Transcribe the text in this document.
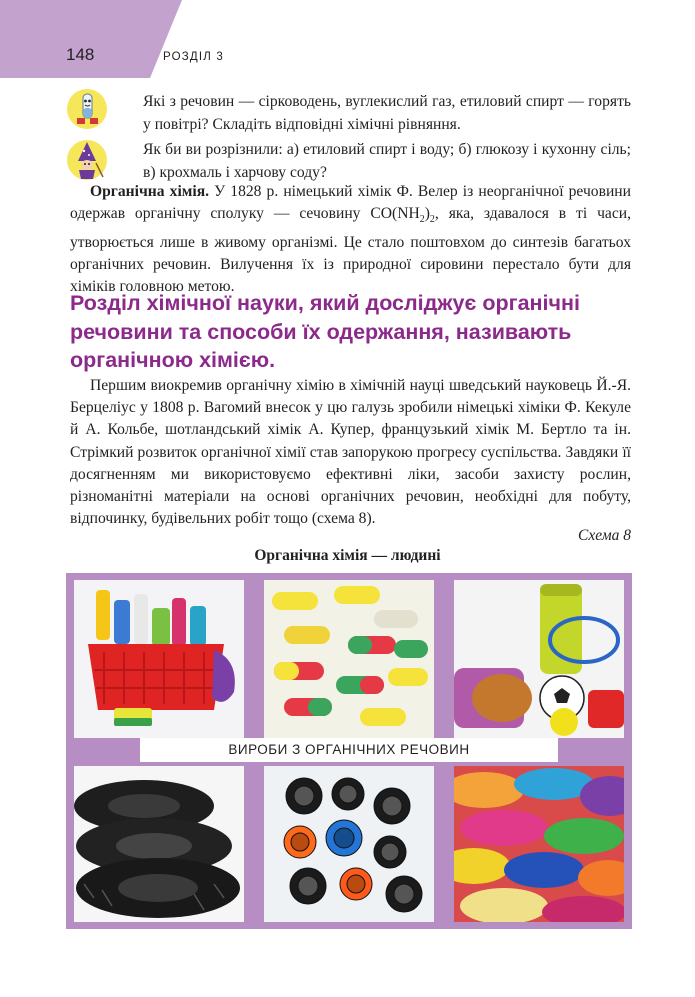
148	РОЗДІЛ 3
Які з речовин — сірководень, вуглекислий газ, етиловий спирт — горять у повітрі? Складіть відповідні хімічні рівняння.
Як би ви розрізнили: а) етиловий спирт і воду; б) глюкозу і кухонну сіль; в) крохмаль і харчову соду?
Органічна хімія. У 1828 р. німецький хімік Ф. Велер із неорганічної речовини одержав органічну сполуку — сечовину $CO(NH_2)_2$, яка, здавалося в ті часи, утворюється лише в живому організмі. Це стало поштовхом до синтезів багатьох органічних речовин. Вилучення їх із природної сировини перестало бути для хіміків головною метою.
Розділ хімічної науки, який досліджує органічні речовини та способи їх одержання, називають органічною хімією.
Першим виокремив органічну хімію в хімічній науці шведський науковець Й.-Я. Берцеліус у 1808 р. Вагомий внесок у цю галузь зробили німецькі хіміки Ф. Кекуле й А. Кольбе, шотландський хімік А. Купер, французький хімік М. Бертло та ін. Стрімкий розвиток органічної хімії став запорукою прогресу суспільства. Завдяки її досягненням ми використовуємо ефективні ліки, засоби захисту рослин, різноманітні матеріали на основі органічних речовин, необхідні для побуту, відпочинку, будівельних робіт тощо (схема 8).
Схема 8
Органічна хімія — людині
ВИРОБИ З ОРГАНІЧНИХ РЕЧОВИН
